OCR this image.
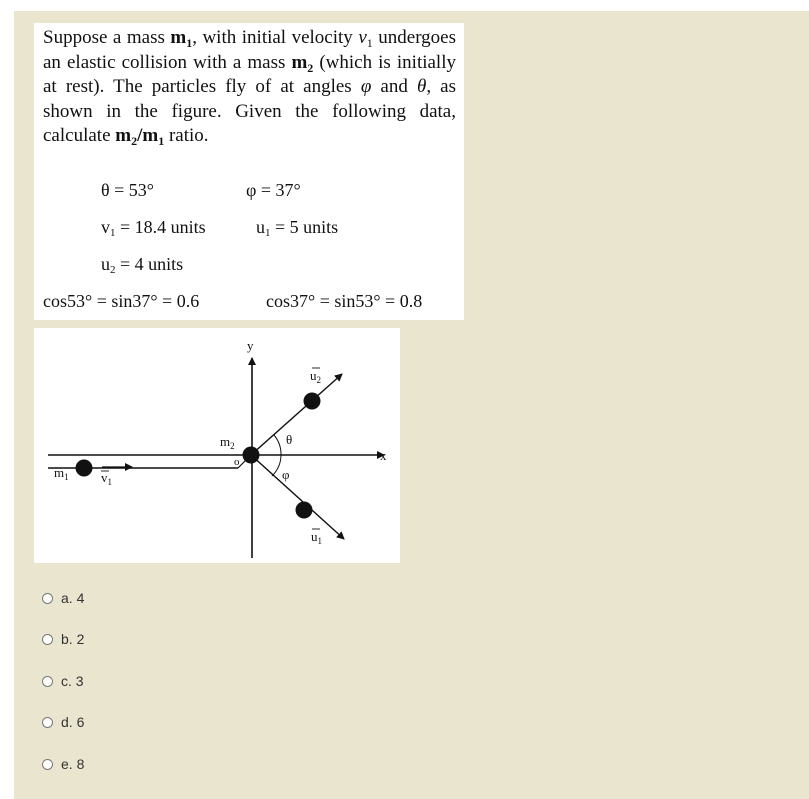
Suppose a mass $m_1$, with initial velocity $v_1$ undergoes an elastic collision with a mass $m_2$ (which is initially at rest). The particles fly of at angles φ and θ, as shown in the figure. Given the following data, calculate $m_2/m_1$ ratio.
θ = 53°	φ = 37°
$v_1 = 18.4$ units	$u_1 = 5$ units
$u_2 = 4$ units
cos53° = sin37° = 0.6	cos37° = sin53° = 0.8
y
x
$m_1$ $v_1$
$m_2$
o
$u_2$
$u_1$
θ
φ
a. 4
b. 2
c. 3
d. 6
e. 8
